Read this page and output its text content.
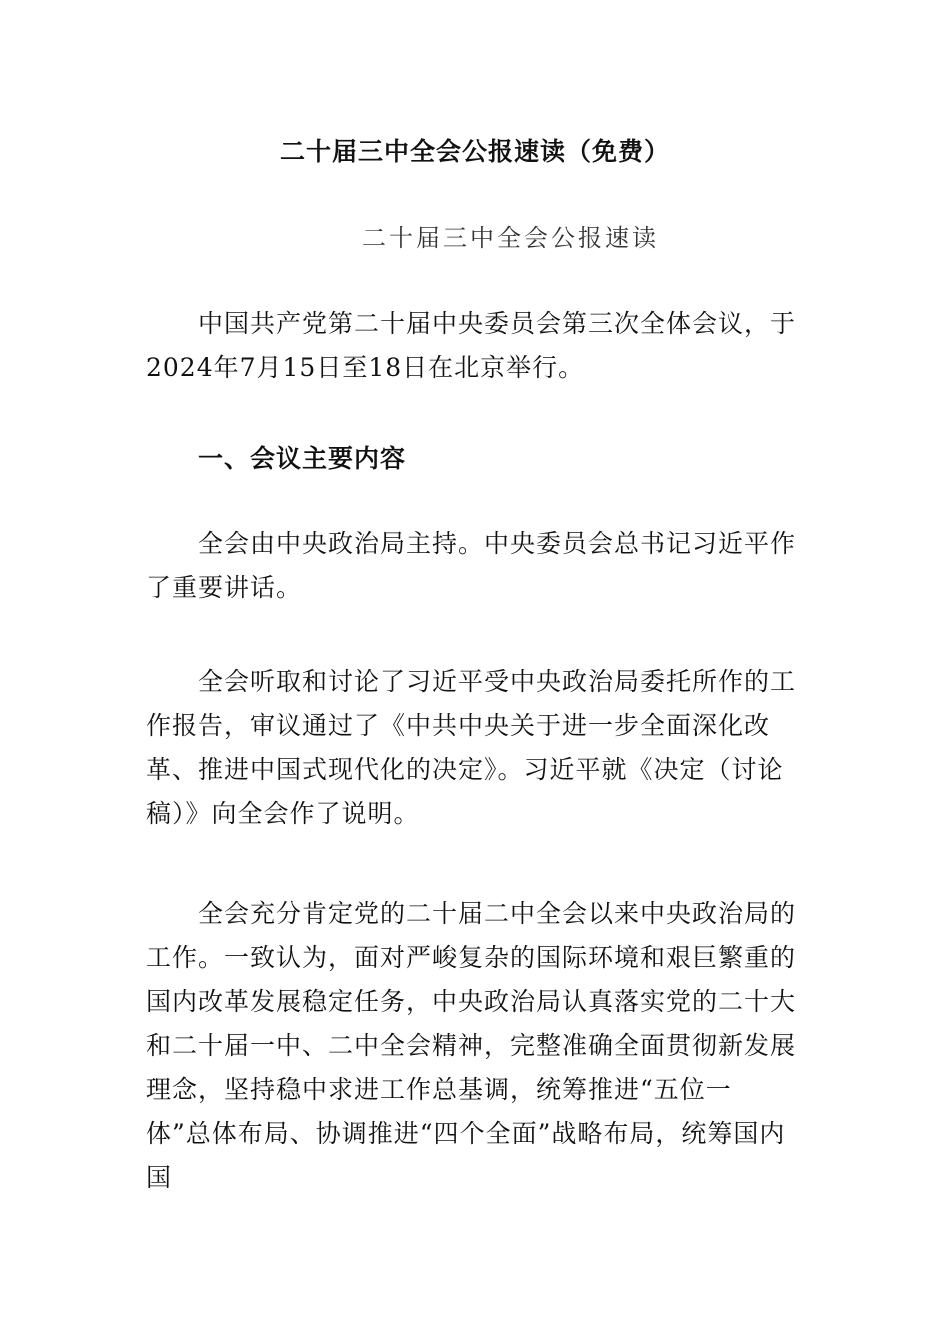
二十届三中全会公报速读（免费）
二十届三中全会公报速读

中国共产党第二十届中央委员会第三次全体会议，于2024年7月15日至18日在北京举行。

一、会议主要内容

全会由中央政治局主持。中央委员会总书记习近平作了重要讲话。

全会听取和讨论了习近平受中央政治局委托所作的工作报告，审议通过了《中共中央关于进一步全面深化改革、推进中国式现代化的决定》。习近平就《决定（讨论稿）》向全会作了说明。

全会充分肯定党的二十届二中全会以来中央政治局的工作。一致认为，面对严峻复杂的国际环境和艰巨繁重的国内改革发展稳定任务，中央政治局认真落实党的二十大和二十届一中、二中全会精神，完整准确全面贯彻新发展理念，坚持稳中求进工作总基调，统筹推进“五位一体”总体布局、协调推进“四个全面”战略布局，统筹国内国
